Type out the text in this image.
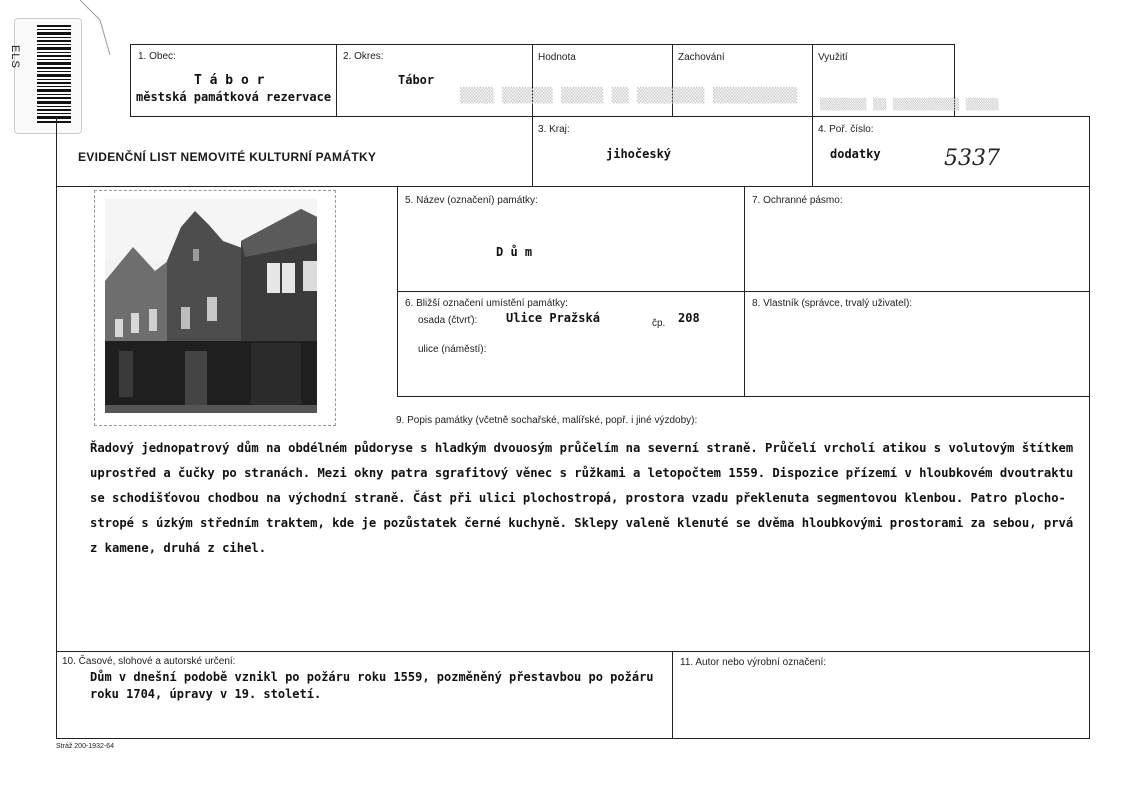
ELS
▒▒▒▒ ▒▒▒▒▒▒ ▒▒▒▒▒ ▒▒ ▒▒▒▒▒▒▒▒ ▒▒▒▒▒▒▒▒▒▒
▒▒▒▒▒▒▒ ▒▒ ▒▒▒▒▒▒▒▒▒▒ ▒▒▒▒▒
1. Obec:
T á b o r
městská památková rezervace
2. Okres:
Tábor
Hodnota	Zachování	Využití
EVIDENČNÍ LIST NEMOVITÉ KULTURNÍ PAMÁTKY
3. Kraj:
jihočeský
4. Poř. číslo:
dodatky	5337
5. Název (označení) památky:
D ů m
7. Ochranné pásmo:
6. Bližší označení umístění památky:
osada (čtvrť): Ulice Pražská	čp. 208
ulice (náměstí):
8. Vlastník (správce, trvalý uživatel):
9. Popis památky (včetně sochařské, malířské, popř. i jiné výzdoby):
Řadový jednopatrový dům na obdélném půdoryse s hladkým dvouosým průčelím na severní straně. Průčelí vrcholí atikou s volutovým štítkem
uprostřed a čučky po stranách. Mezi okny patra sgrafitový věnec s růžkami a letopočtem 1559. Dispozice přízemí v hloubkovém dvoutraktu
se schodišťovou chodbou na východní straně. Část při ulici plochostropá, prostora vzadu překlenuta segmentovou klenbou. Patro plocho-
stropé s úzkým středním traktem, kde je pozůstatek černé kuchyně. Sklepy valeně klenuté se dvěma hloubkovými prostorami za sebou, prvá
z kamene, druhá z cihel.
10. Časové, slohové a autorské určení:
Dům v dnešní podobě vznikl po požáru roku 1559, pozměněný přestavbou po požáru
roku 1704, úpravy v 19. století.
11. Autor nebo výrobní označení:
Stráž 200-1932-64
